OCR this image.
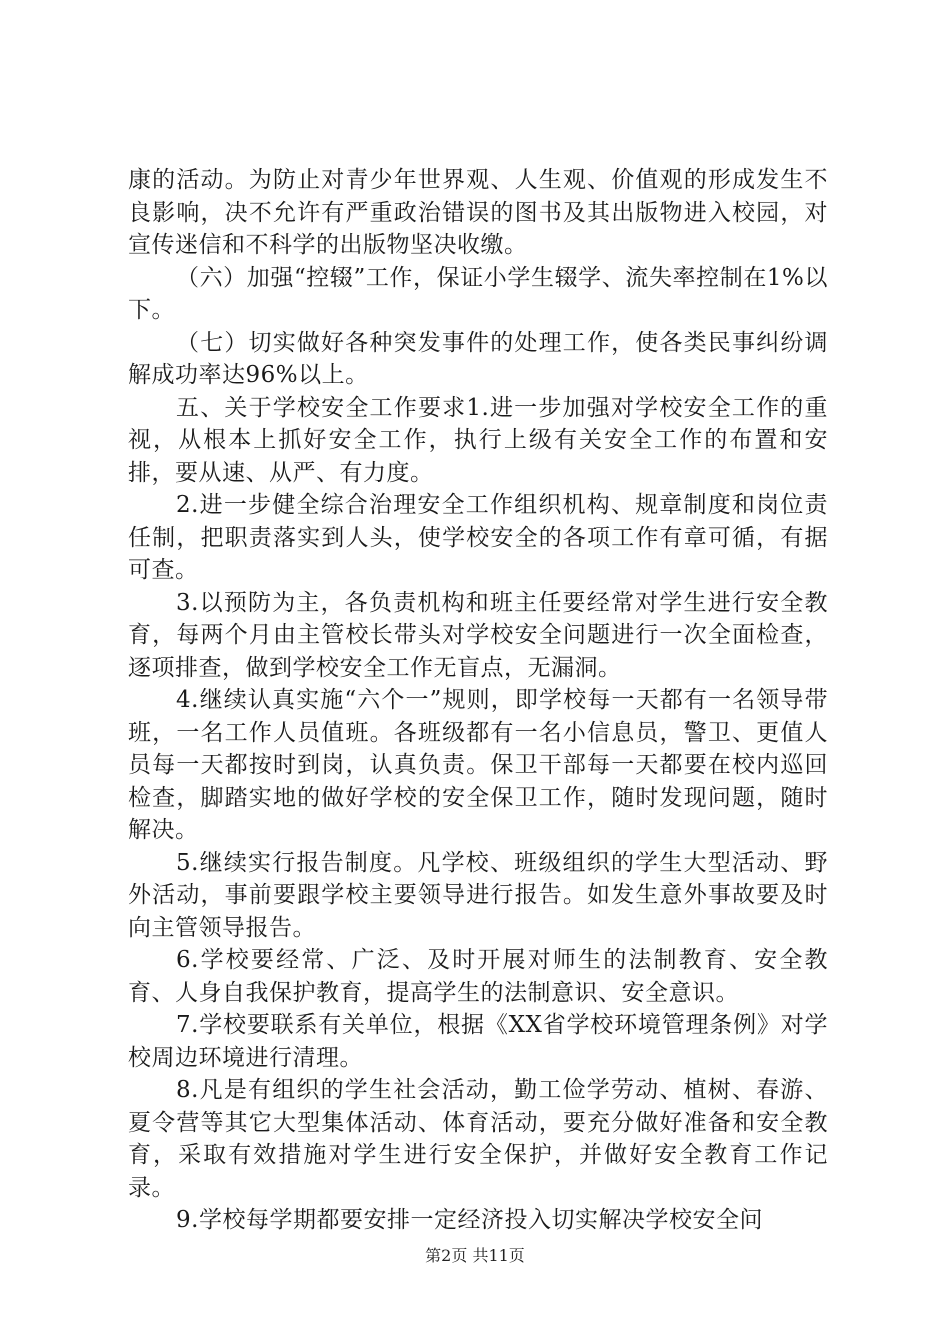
康的活动。为防止对青少年世界观、人生观、价值观的形成发生不良影响，决不允许有严重政治错误的图书及其出版物进入校园，对宣传迷信和不科学的出版物坚决收缴。

（六）加强“控辍”工作，保证小学生辍学、流失率控制在1%以下。

（七）切实做好各种突发事件的处理工作，使各类民事纠纷调解成功率达96%以上。

五、关于学校安全工作要求1.进一步加强对学校安全工作的重视，从根本上抓好安全工作，执行上级有关安全工作的布置和安排，要从速、从严、有力度。

2.进一步健全综合治理安全工作组织机构、规章制度和岗位责任制，把职责落实到人头，使学校安全的各项工作有章可循，有据可查。

3.以预防为主，各负责机构和班主任要经常对学生进行安全教育，每两个月由主管校长带头对学校安全问题进行一次全面检查，逐项排查，做到学校安全工作无盲点，无漏洞。

4.继续认真实施“六个一”规则，即学校每一天都有一名领导带班，一名工作人员值班。各班级都有一名小信息员，警卫、更值人员每一天都按时到岗，认真负责。保卫干部每一天都要在校内巡回检查，脚踏实地的做好学校的安全保卫工作，随时发现问题，随时解决。

5.继续实行报告制度。凡学校、班级组织的学生大型活动、野外活动，事前要跟学校主要领导进行报告。如发生意外事故要及时向主管领导报告。

6.学校要经常、广泛、及时开展对师生的法制教育、安全教育、人身自我保护教育，提高学生的法制意识、安全意识。

7.学校要联系有关单位，根据《XX省学校环境管理条例》对学校周边环境进行清理。

8.凡是有组织的学生社会活动，勤工俭学劳动、植树、春游、夏令营等其它大型集体活动、体育活动，要充分做好准备和安全教育，采取有效措施对学生进行安全保护，并做好安全教育工作记录。

9.学校每学期都要安排一定经济投入切实解决学校安全问

第2页 共11页
